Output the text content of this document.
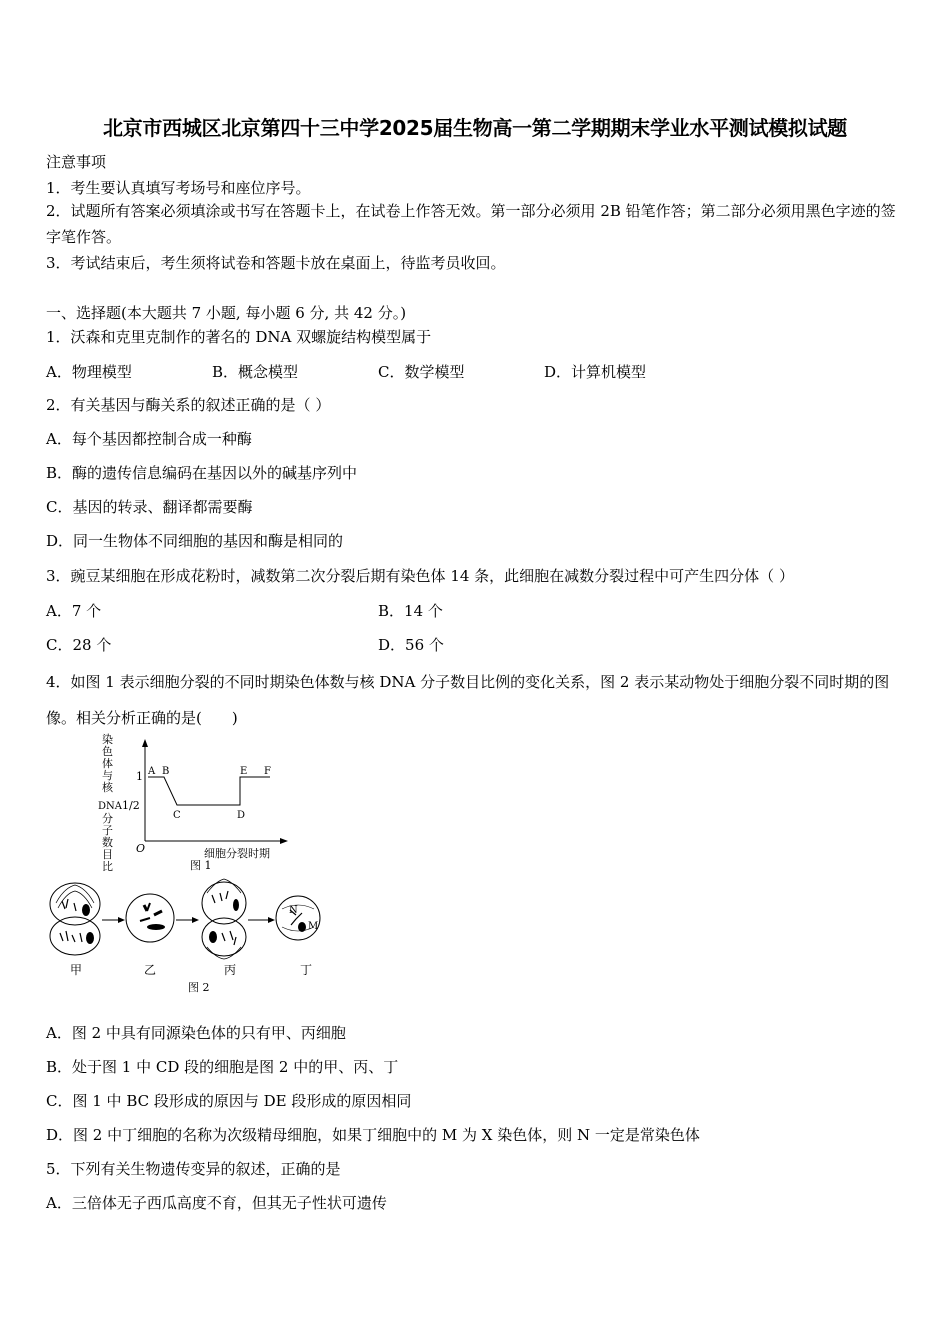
北京市西城区北京第四十三中学2025届生物高一第二学期期末学业水平测试模拟试题
注意事项
1．考生要认真填写考场号和座位序号。
2．试题所有答案必须填涂或书写在答题卡上，在试卷上作答无效。第一部分必须用 2B 铅笔作答；第二部分必须用黑色字迹的签字笔作答。
3．考试结束后，考生须将试卷和答题卡放在桌面上，待监考员收回。
一、选择题(本大题共 7 小题, 每小题 6 分, 共 42 分。)
1．沃森和克里克制作的著名的 DNA 双螺旋结构模型属于
A．物理模型	B．概念模型	C．数学模型	D．计算机模型
2．有关基因与酶关系的叙述正确的是（ ）
A．每个基因都控制合成一种酶
B．酶的遗传信息编码在基因以外的碱基序列中
C．基因的转录、翻译都需要酶
D．同一生物体不同细胞的基因和酶是相同的
3．豌豆某细胞在形成花粉时，减数第二次分裂后期有染色体 14 条，此细胞在减数分裂过程中可产生四分体（ ）
A．7 个	B．14 个
C．28 个	D．56 个
4．如图 1 表示细胞分裂的不同时期染色体数与核 DNA 分子数目比例的变化关系，图 2 表示某动物处于细胞分裂不同时期的图像。相关分析正确的是(　　)
染
色
体
与
核
DNA
分
子
数
目
比
1
1/2
O	细胞分裂时期
A B
C	D
E F
图 1
N
M
甲	乙	丙	丁
图 2
A．图 2 中具有同源染色体的只有甲、丙细胞
B．处于图 1 中 CD 段的细胞是图 2 中的甲、丙、丁
C．图 1 中 BC 段形成的原因与 DE 段形成的原因相同
D．图 2 中丁细胞的名称为次级精母细胞，如果丁细胞中的 M 为 X 染色体，则 N 一定是常染色体
5．下列有关生物遗传变异的叙述，正确的是
A．三倍体无子西瓜高度不育，但其无子性状可遗传
